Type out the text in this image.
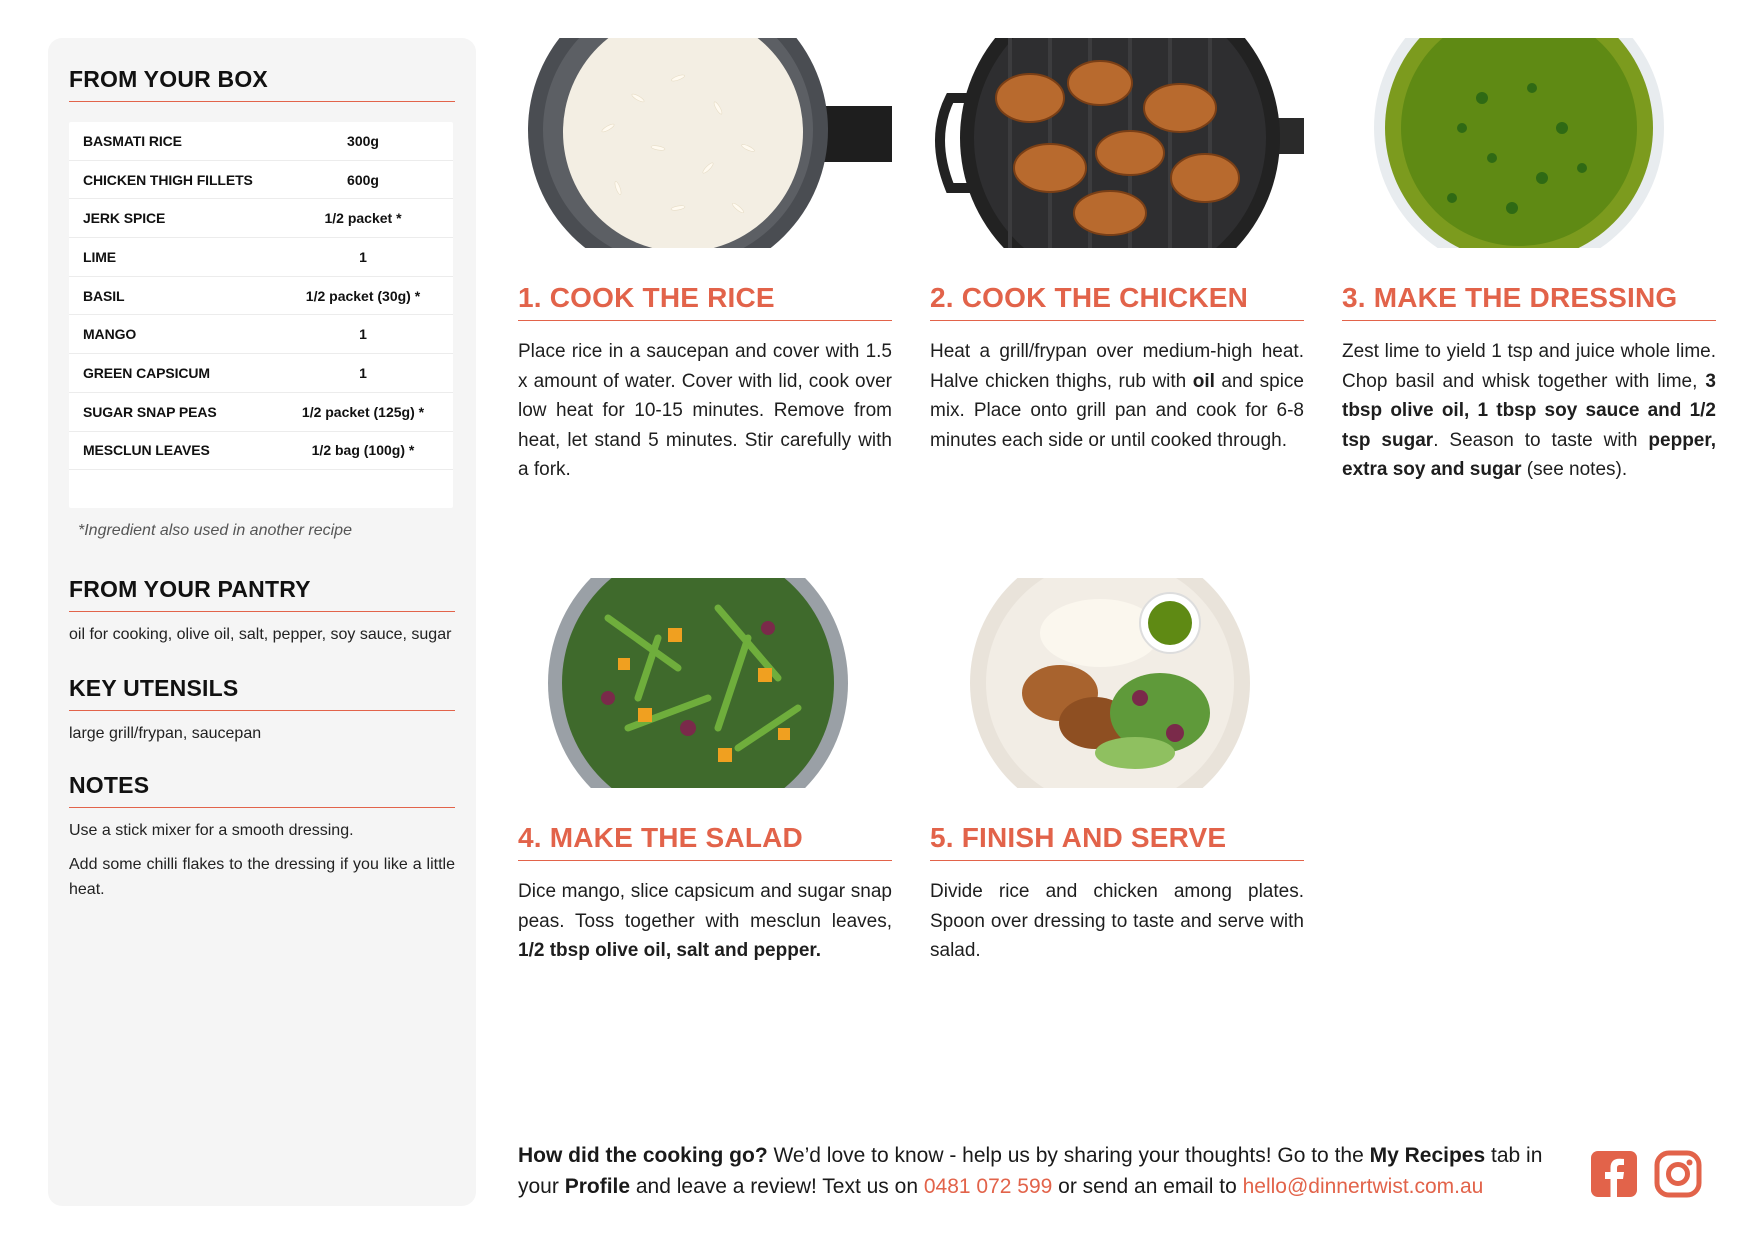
FROM YOUR BOX
BASMATI RICE	300g
CHICKEN THIGH FILLETS	600g
JERK SPICE	1/2 packet *
LIME	1
BASIL	1/2 packet (30g) *
MANGO	1
GREEN CAPSICUM	1
SUGAR SNAP PEAS	1/2 packet (125g) *
MESCLUN LEAVES	1/2 bag (100g) *

*Ingredient also used in another recipe

FROM YOUR PANTRY

oil for cooking, olive oil, salt, pepper, soy sauce, sugar

KEY UTENSILS

large grill/frypan, saucepan

NOTES

Use a stick mixer for a smooth dressing.

Add some chilli flakes to the dressing if you like a little heat.

1. COOK THE RICE

Place rice in a saucepan and cover with 1.5 x amount of water. Cover with lid, cook over low heat for 10-15 minutes. Remove from heat, let stand 5 minutes. Stir carefully with a fork.

2. COOK THE CHICKEN

Heat a grill/frypan over medium-high heat. Halve chicken thighs, rub with oil and spice mix. Place onto grill pan and cook for 6-8 minutes each side or until cooked through.

3. MAKE THE DRESSING

Zest lime to yield 1 tsp and juice whole lime. Chop basil and whisk together with lime, 3 tbsp olive oil, 1 tbsp soy sauce and 1/2 tsp sugar. Season to taste with pepper, extra soy and sugar (see notes).

4. MAKE THE SALAD

Dice mango, slice capsicum and sugar snap peas. Toss together with mesclun leaves, 1/2 tbsp olive oil, salt and pepper.

5. FINISH AND SERVE

Divide rice and chicken among plates. Spoon over dressing to taste and serve with salad.

How did the cooking go? We’d love to know - help us by sharing your thoughts! Go to the My Recipes tab in your Profile and leave a review! Text us on 0481 072 599 or send an email to hello@dinnertwist.com.au
